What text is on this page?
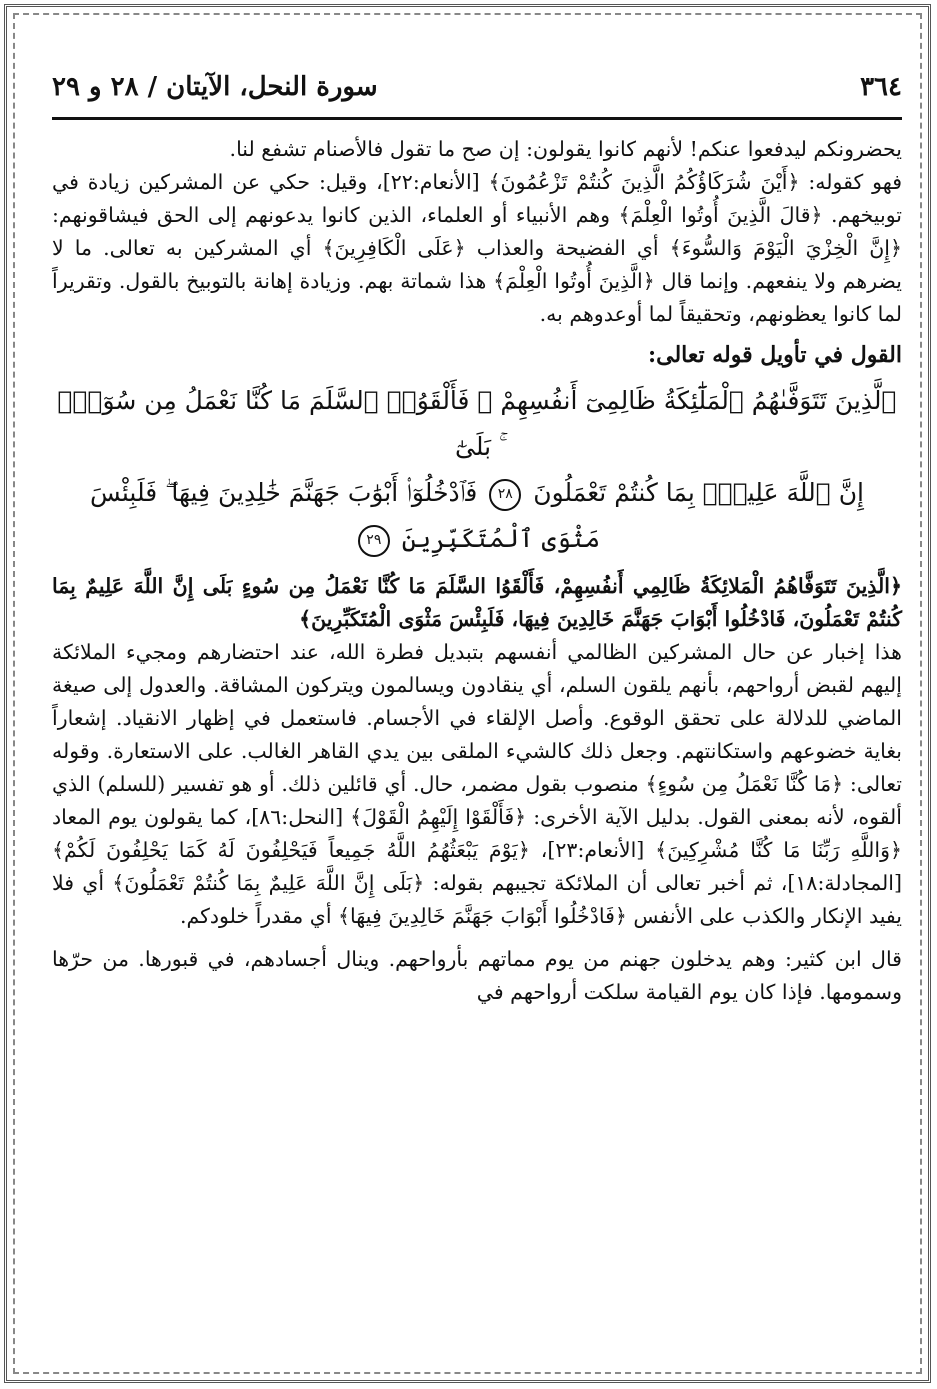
٣٦٤
سورة النحل، الآيتان / ٢٨ و ٢٩

يحضرونكم ليدفعوا عنكم! لأنهم كانوا يقولون: إن صح ما تقول فالأصنام تشفع لنا.

فهو كقوله: ﴿أَيْنَ شُرَكَاؤُكُمُ الَّذِينَ كُنتُمْ تَزْعُمُونَ﴾ [الأنعام:٢٢]، وقيل: حكي عن المشركين زيادة في توبيخهم. ﴿قالَ الَّذِينَ أُوتُوا الْعِلْمَ﴾ وهم الأنبياء أو العلماء، الذين كانوا يدعونهم إلى الحق فيشاقونهم: ﴿إِنَّ الْخِزْيَ الْيَوْمَ وَالسُّوءَ﴾ أي الفضيحة والعذاب ﴿عَلَى الْكَافِرِينَ﴾ أي المشركين به تعالى. ما لا يضرهم ولا ينفعهم. وإنما قال ﴿الَّذِينَ أُوتُوا الْعِلْمَ﴾ هذا شماتة بهم. وزيادة إهانة بالتوبيخ بالقول. وتقريراً لما كانوا يعظونهم، وتحقيقاً لما أوعدوهم به.

القول في تأويل قوله تعالى:
ٱلَّذِينَ تَتَوَفَّىٰهُمُ ٱلْمَلَٰٓئِكَةُ ظَالِمِىٓ أَنفُسِهِمْ ۖ فَأَلْقَوُا۟ ٱلسَّلَمَ مَا كُنَّا نَعْمَلُ مِن سُوٓءٍۭ ۚ بَلَىٰٓ
إِنَّ ٱللَّهَ عَلِيمٌۢ بِمَا كُنتُمْ تَعْمَلُونَ ٢٨ فَٱدْخُلُوٓا۟ أَبْوَٰبَ جَهَنَّمَ خَٰلِدِينَ فِيهَا ۖ فَلَبِئْسَ
مَثْوَى ٱلْمُتَكَبِّرِينَ ٢٩

﴿الَّذِينَ تَتَوَفَّاهُمُ الْمَلائِكَةُ ظَالِمِي أَنفُسِهِمْ، فَأَلْقَوُا السَّلَمَ مَا كُنَّا نَعْمَلُ مِن سُوءٍ بَلَى إِنَّ اللَّهَ عَلِيمٌ بِمَا كُنتُمْ تَعْمَلُونَ، فَادْخُلُوا أَبْوَابَ جَهَنَّمَ خَالِدِينَ فِيهَا، فَلَبِئْسَ مَثْوَى الْمُتَكَبِّرِينَ﴾

هذا إخبار عن حال المشركين الظالمي أنفسهم بتبديل فطرة الله، عند احتضارهم ومجيء الملائكة إليهم لقبض أرواحهم، بأنهم يلقون السلم، أي ينقادون ويسالمون ويتركون المشاقة. والعدول إلى صيغة الماضي للدلالة على تحقق الوقوع. وأصل الإلقاء في الأجسام. فاستعمل في إظهار الانقياد. إشعاراً بغاية خضوعهم واستكانتهم. وجعل ذلك كالشيء الملقى بين يدي القاهر الغالب. على الاستعارة. وقوله تعالى: ﴿مَا كُنَّا نَعْمَلُ مِن سُوءٍ﴾ منصوب بقول مضمر، حال. أي قائلين ذلك. أو هو تفسير (للسلم) الذي ألقوه، لأنه بمعنى القول. بدليل الآية الأخرى: ﴿فَأَلْقَوْا إِلَيْهِمُ الْقَوْلَ﴾ [النحل:٨٦]، كما يقولون يوم المعاد ﴿وَاللَّهِ رَبِّنَا مَا كُنَّا مُشْرِكِينَ﴾ [الأنعام:٢٣]، ﴿يَوْمَ يَبْعَثُهُمُ اللَّهُ جَمِيعاً فَيَحْلِفُونَ لَهُ كَمَا يَحْلِفُونَ لَكُمْ﴾ [المجادلة:١٨]، ثم أخبر تعالى أن الملائكة تجيبهم بقوله: ﴿بَلَى إِنَّ اللَّهَ عَلِيمٌ بِمَا كُنتُمْ تَعْمَلُونَ﴾ أي فلا يفيد الإنكار والكذب على الأنفس ﴿فَادْخُلُوا أَبْوَابَ جَهَنَّمَ خَالِدِينَ فِيهَا﴾ أي مقدراً خلودكم.

قال ابن كثير: وهم يدخلون جهنم من يوم مماتهم بأرواحهم. وينال أجسادهم، في قبورها. من حرّها وسمومها. فإذا كان يوم القيامة سلكت أرواحهم في
